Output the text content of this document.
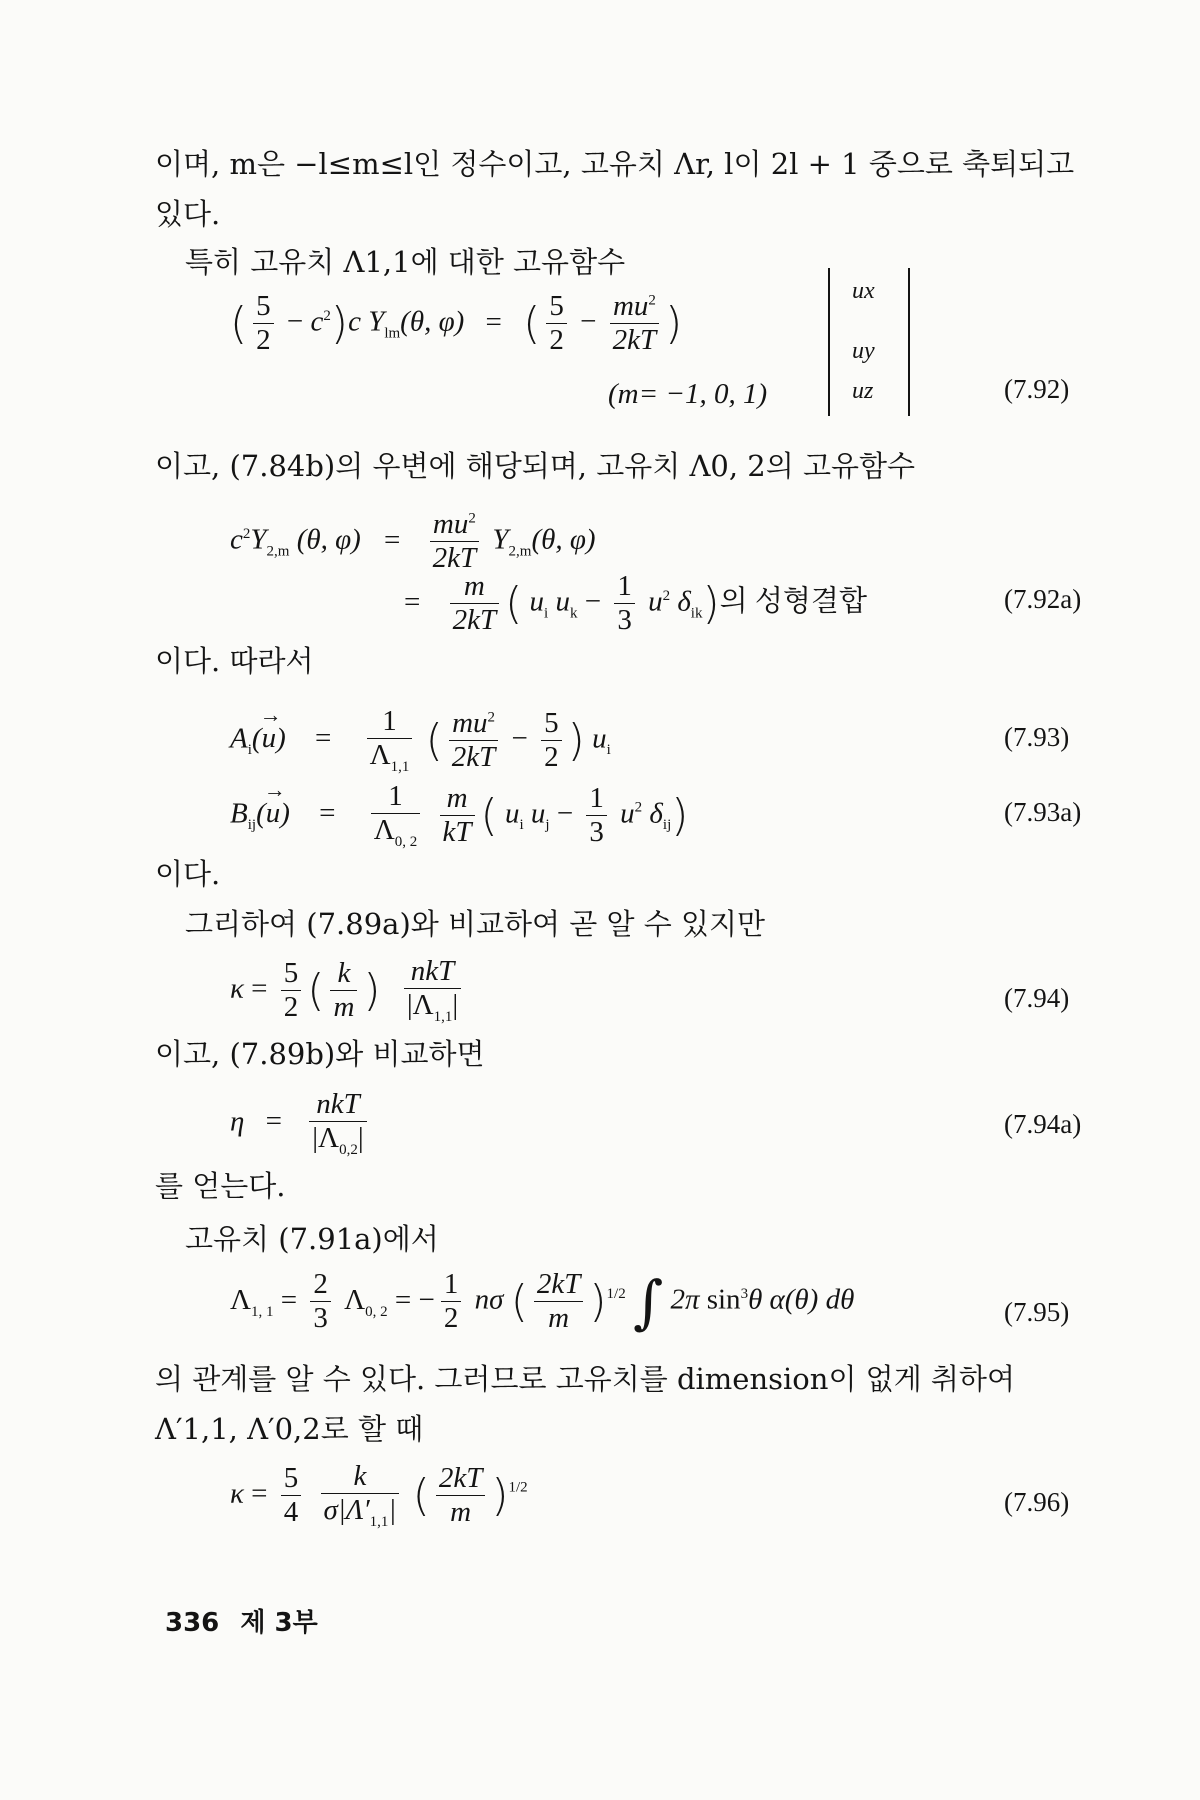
이며, m은 −l≤m≤l인 정수이고, 고유치 Λr, l이 2l + 1 중으로 축퇴되고
있다.
특히 고유치 Λ1,1에 대한 고유함수
( $\frac{5}{2} - c^2)c$ $Y_{lm}(\theta$, φ) = ( $\frac{5}{2} - \frac{mu^2}{2kT}$ )
ux
uy
uz
(m= −1, 0, 1)	(7.92)
이고, (7.84b)의 우변에 해당되며, 고유치 Λ0, 2의 고유함수
$c^2Y_{2,m}$ (θ, $\varphi) = \frac{mu^2}{2kT} Y_{2,m}(\theta$, φ)
= $\frac{m}{2kT}$ ( $u_i$ $u_k - \frac{1}{3} u^2$ $\delta_{ik}$)의 성형결합	(7.92a)
이다. 따라서
$A_i(\to u) = \frac{1}{\Lambda_{1,1}}$ ( $\frac{mu^2}{2kT} - \frac{5}{2}$ ) $u_i$	(7.93)
$B_{ij}(\to u) = \frac{1}{\Lambda_{0, 2}}$
$\frac{m}{kT}$ ( $u_i$ $u_j - \frac{1}{3} u^2$ $\delta_{ij}$)	(7.93a)
이다.
그리하여 (7.89a)와 비교하여 곧 알 수 있지만
$\kappa = \frac{5}{2}$ ( $\frac{k}{m}$ ) $\frac{\text{nkT}}{|\Lambda_{1,1}|}$	(7.94)
이고, (7.89b)와 비교하면
$\eta = \frac{\text{nkT}}{|\Lambda_{0,2}|}$	(7.94a)
를 얻는다.
고유치 (7.91a)에서
$\Lambda_{1, 1} = \frac{2}{3} \Lambda_{0, 2}$ = − $\frac{1}{2}$ nσ ( $\frac{2kT}{m} )^{1/2}$ ∫ 2π $\sin^3\theta$ α(θ) dθ	(7.95)
의 관계를 알 수 있다. 그러므로 고유치를 dimension이 없게 취하여
Λ′1,1, Λ′0,2로 할 때
$\kappa = \frac{5}{4}$
$\frac{k}{\sigma|\Lambda'_{1,1}|}$ ( $\frac{2kT}{m} )^{1/2}$	(7.96)
336 제 3부
